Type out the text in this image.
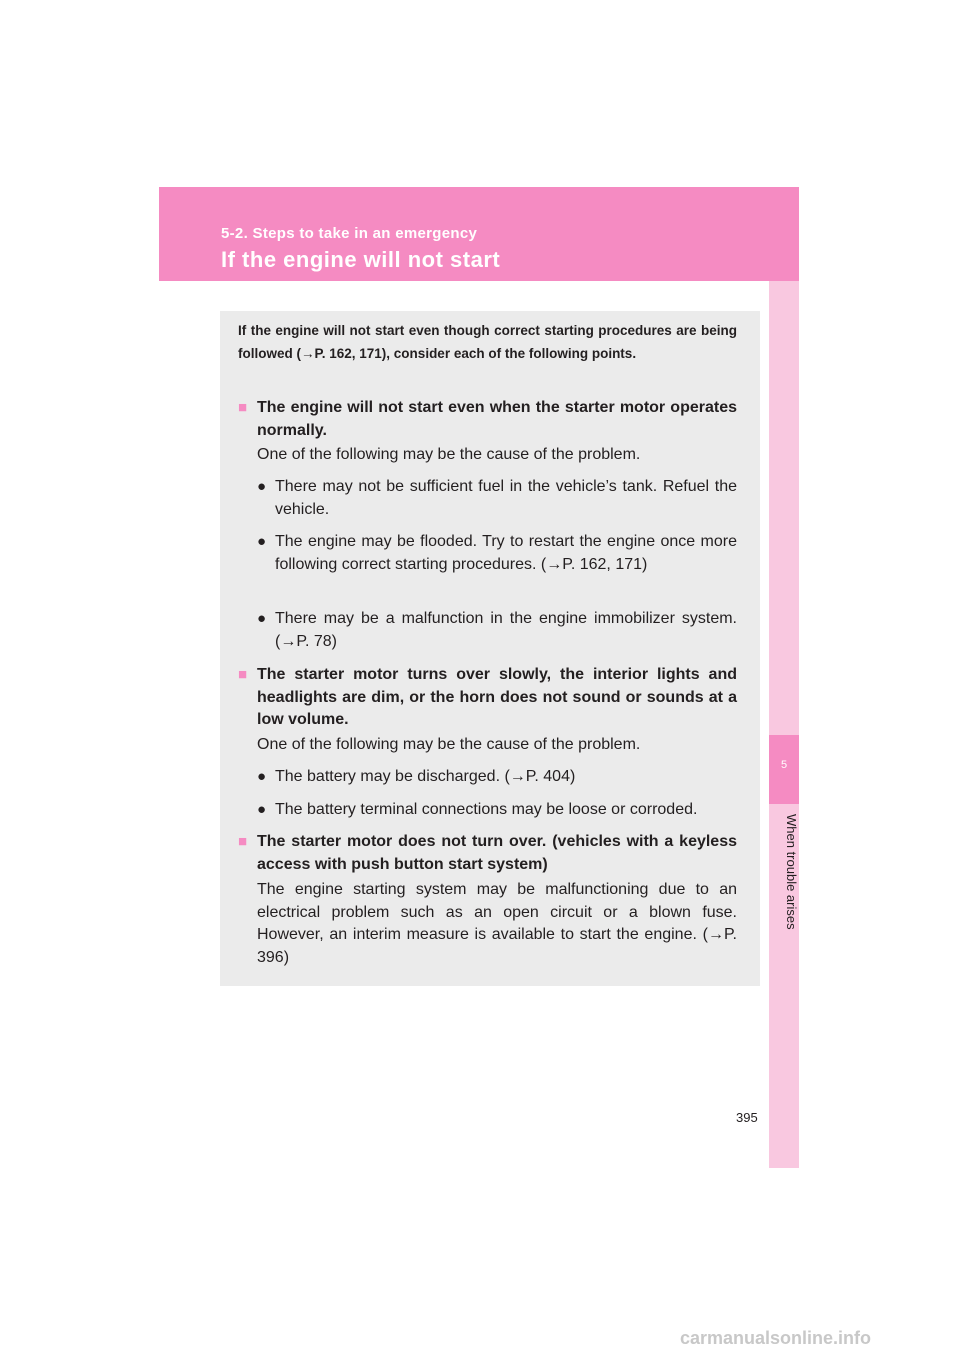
5-2. Steps to take in an emergency
If the engine will not start
5
When trouble arises

If the engine will not start even though correct starting procedures are being followed (→P. 162, 171), consider each of the following points.

■ The engine will not start even when the starter motor operates normally.

One of the following may be the cause of the problem.

● There may not be sufficient fuel in the vehicle’s tank. Refuel the vehicle.
● The engine may be flooded. Try to restart the engine once more following correct starting procedures. (→P. 162, 171)
● There may be a malfunction in the engine immobilizer system. (→P. 78)
■ The starter motor turns over slowly, the interior lights and headlights are dim, or the horn does not sound or sounds at a low volume.

One of the following may be the cause of the problem.

● The battery may be discharged. (→P. 404)
● The battery terminal connections may be loose or corroded.
■ The starter motor does not turn over. (vehicles with a keyless access with push button start system)

The engine starting system may be malfunctioning due to an electrical problem such as an open circuit or a blown fuse. However, an interim measure is available to start the engine. (→P. 396)

395
carmanualsonline.info
